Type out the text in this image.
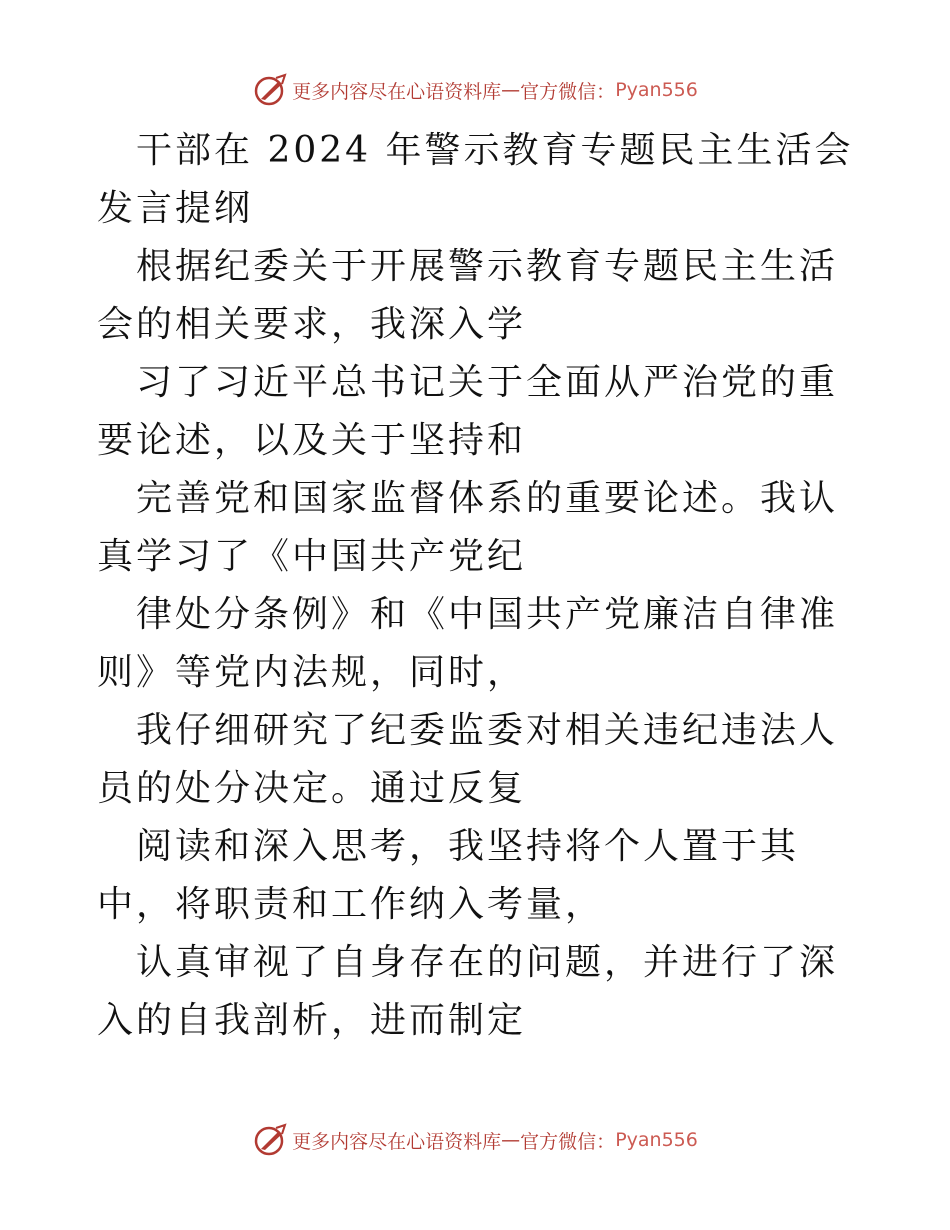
更多内容尽在心语资料库 — 官方微信： Pyan556

干部在 2024 年警示教育专题民主生活会发言提纲

根据纪委关于开展警示教育专题民主生活会的相关要求，我深入学

习了习近平总书记关于全面从严治党的重要论述，以及关于坚持和

完善党和国家监督体系的重要论述。我认真学习了《中国共产党纪

律处分条例》和《中国共产党廉洁自律准则》等党内法规，同时，

我仔细研究了纪委监委对相关违纪违法人员的处分决定。通过反复

阅读和深入思考，我坚持将个人置于其中，将职责和工作纳入考量，

认真审视了自身存在的问题，并进行了深入的自我剖析，进而制定

更多内容尽在心语资料库 — 官方微信： Pyan556
